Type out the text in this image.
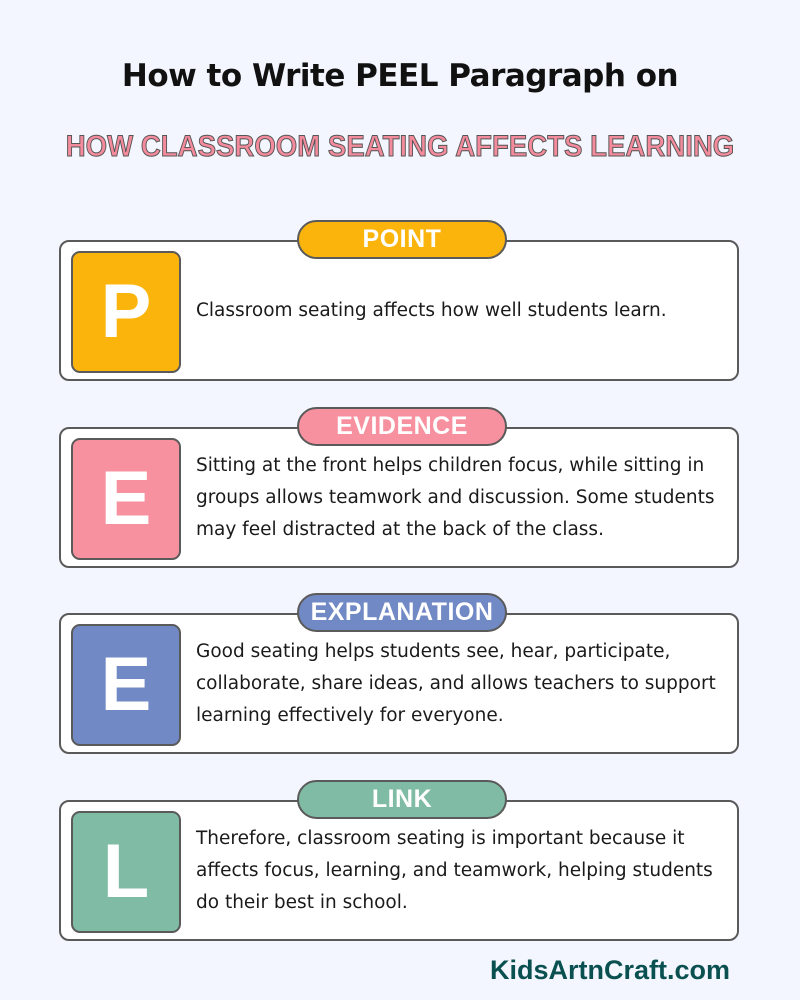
How to Write PEEL Paragraph on
HOW CLASSROOM SEATING AFFECTS LEARNING
POINT
P	Classroom seating affects how well students learn.
EVIDENCE
E	Sitting at the front helps children focus, while sitting in groups allows teamwork and discussion. Some students may feel distracted at the back of the class.
EXPLANATION
E	Good seating helps students see, hear, participate, collaborate, share ideas, and allows teachers to support learning effectively for everyone.
LINK
L	Therefore, classroom seating is important because it affects focus, learning, and teamwork, helping students do their best in school.
KidsArtnCraft.com
